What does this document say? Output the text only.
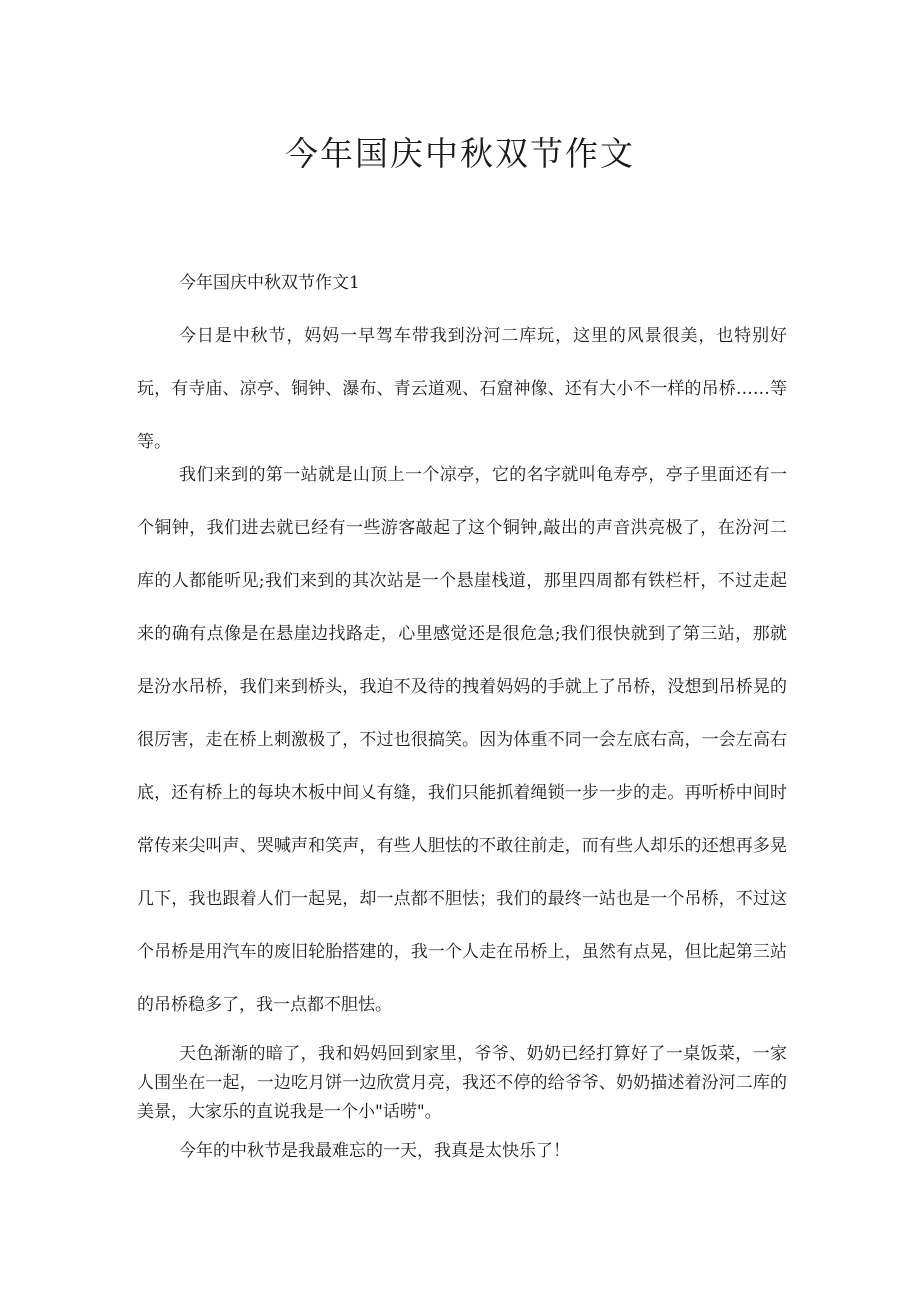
今年国庆中秋双节作文

今年国庆中秋双节作文1

今日是中秋节，妈妈一早驾车带我到汾河二库玩，这里的风景很美，也特别好玩，有寺庙、凉亭、铜钟、瀑布、青云道观、石窟神像、还有大小不一样的吊桥……等等。

我们来到的第一站就是山顶上一个凉亭，它的名字就叫龟寿亭，亭子里面还有一个铜钟，我们进去就已经有一些游客敲起了这个铜钟,敲出的声音洪亮极了，在汾河二库的人都能听见;我们来到的其次站是一个悬崖栈道，那里四周都有铁栏杆，不过走起来的确有点像是在悬崖边找路走，心里感觉还是很危急;我们很快就到了第三站，那就是汾水吊桥，我们来到桥头，我迫不及待的拽着妈妈的手就上了吊桥，没想到吊桥晃的很厉害，走在桥上刺激极了，不过也很搞笑。因为体重不同一会左底右高，一会左高右底，还有桥上的每块木板中间乂有缝，我们只能抓着绳锁一步一步的走。再听桥中间时常传来尖叫声、哭喊声和笑声，有些人胆怯的不敢往前走，而有些人却乐的还想再多晃几下，我也跟着人们一起晃，却一点都不胆怯；我们的最终一站也是一个吊桥，不过这个吊桥是用汽车的废旧轮胎搭建的，我一个人走在吊桥上，虽然有点晃，但比起第三站的吊桥稳多了，我一点都不胆怯。

天色渐渐的暗了，我和妈妈回到家里，爷爷、奶奶已经打算好了一桌饭菜，一家人围坐在一起，一边吃月饼一边欣赏月亮，我还不停的给爷爷、奶奶描述着汾河二库的美景，大家乐的直说我是一个小"话唠"。

今年的中秋节是我最难忘的一天，我真是太快乐了！
